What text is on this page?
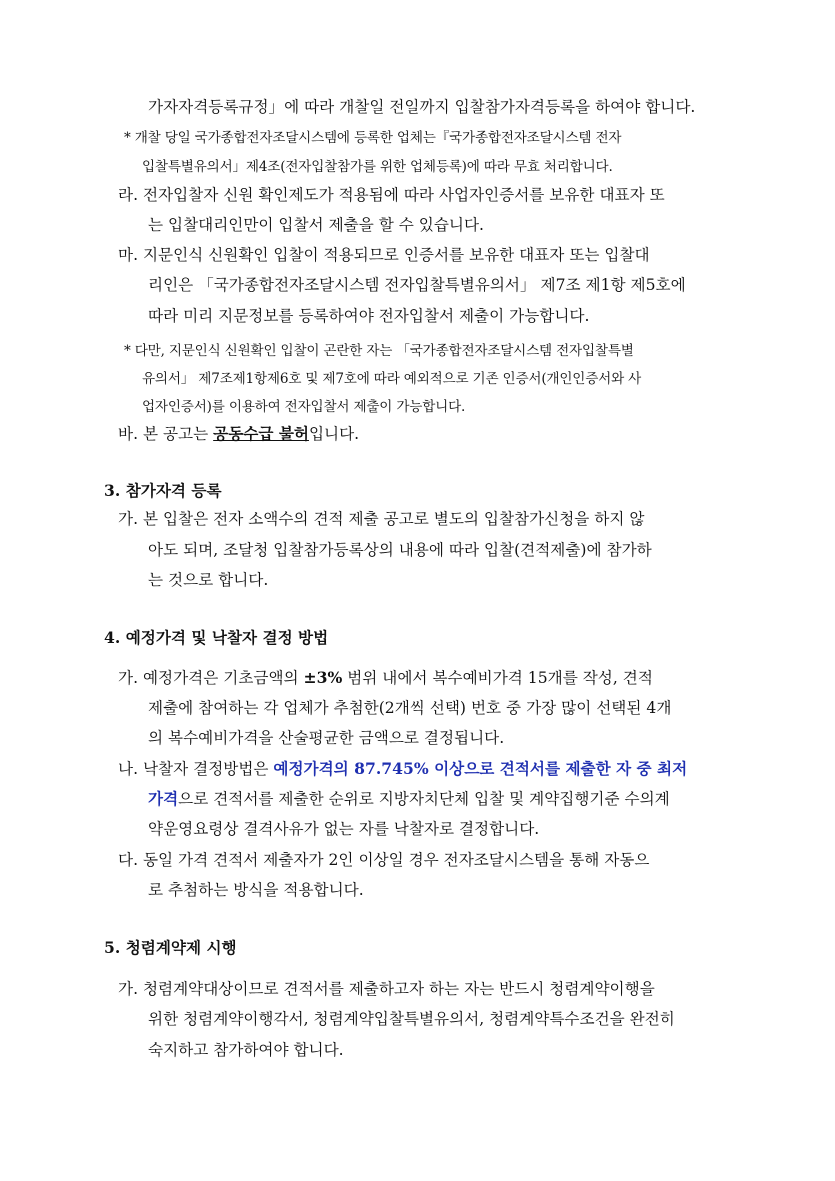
가자자격등록규정」에 따라 개찰일 전일까지 입찰참가자격등록을 하여야 합니다.
* 개찰 당일 국가종합전자조달시스템에 등록한 업체는『국가종합전자조달시스템 전자
입찰특별유의서」제4조(전자입찰참가를 위한 업체등록)에 따라 무효 처리합니다.
라. 전자입찰자 신원 확인제도가 적용됨에 따라 사업자인증서를 보유한 대표자 또
는 입찰대리인만이 입찰서 제출을 할 수 있습니다.
마. 지문인식 신원확인 입찰이 적용되므로 인증서를 보유한 대표자 또는 입찰대
리인은 「국가종합전자조달시스템 전자입찰특별유의서」 제7조 제1항 제5호에
따라 미리 지문정보를 등록하여야 전자입찰서 제출이 가능합니다.
* 다만, 지문인식 신원확인 입찰이 곤란한 자는 「국가종합전자조달시스템 전자입찰특별
유의서」 제7조제1항제6호 및 제7호에 따라 예외적으로 기존 인증서(개인인증서와 사
업자인증서)를 이용하여 전자입찰서 제출이 가능합니다.
바. 본 공고는 공동수급 불허입니다.
3. 참가자격 등록
가. 본 입찰은 전자 소액수의 견적 제출 공고로 별도의 입찰참가신청을 하지 않
아도 되며, 조달청 입찰참가등록상의 내용에 따라 입찰(견적제출)에 참가하
는 것으로 합니다.
4. 예정가격 및 낙찰자 결정 방법
가. 예정가격은 기초금액의 ±3% 범위 내에서 복수예비가격 15개를 작성, 견적
제출에 참여하는 각 업체가 추첨한(2개씩 선택) 번호 중 가장 많이 선택된 4개
의 복수예비가격을 산술평균한 금액으로 결정됩니다.
나. 낙찰자 결정방법은 예정가격의 87.745% 이상으로 견적서를 제출한 자 중 최저
가격으로 견적서를 제출한 순위로 지방자치단체 입찰 및 계약집행기준 수의계
약운영요령상 결격사유가 없는 자를 낙찰자로 결정합니다.
다. 동일 가격 견적서 제출자가 2인 이상일 경우 전자조달시스템을 통해 자동으
로 추첨하는 방식을 적용합니다.
5. 청렴계약제 시행
가. 청렴계약대상이므로 견적서를 제출하고자 하는 자는 반드시 청렴계약이행을
위한 청렴계약이행각서, 청렴계약입찰특별유의서, 청렴계약특수조건을 완전히
숙지하고 참가하여야 합니다.
